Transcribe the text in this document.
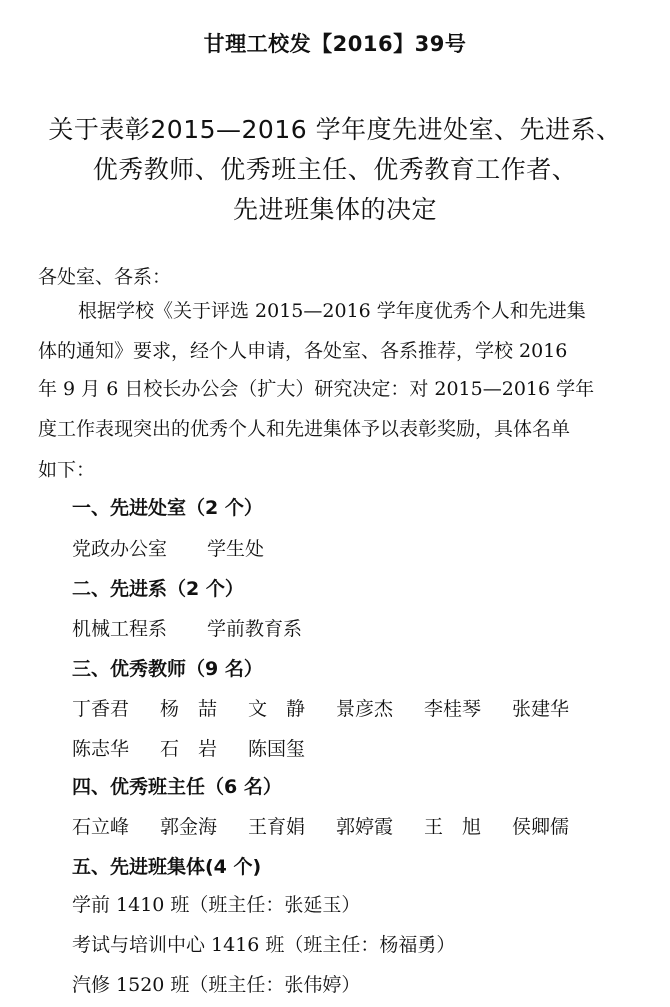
甘理工校发【2016】39号
关于表彰2015—2016 学年度先进处室、先进系、
优秀教师、优秀班主任、优秀教育工作者、
先进班集体的决定
各处室、各系：
根据学校《关于评选 2015—2016 学年度优秀个人和先进集
体的通知》要求，经个人申请，各处室、各系推荐，学校 2016
年 9 月 6 日校长办公会（扩大）研究决定：对 2015—2016 学年
度工作表现突出的优秀个人和先进集体予以表彰奖励，具体名单
如下：
一、先进处室（2 个）
党政办公室 学生处
二、先进系（2 个）
机械工程系 学前教育系
三、优秀教师（9 名）
丁香君 杨　喆 文　静 景彦杰 李桂琴 张建华
陈志华 石　岩 陈国玺
四、优秀班主任（6 名）
石立峰 郭金海 王育娟 郭婷霞 王　旭 侯卿儒
五、先进班集体(4 个)
学前 1410 班（班主任：张延玉）
考试与培训中心 1416 班（班主任：杨福勇）
汽修 1520 班（班主任：张伟婷）
